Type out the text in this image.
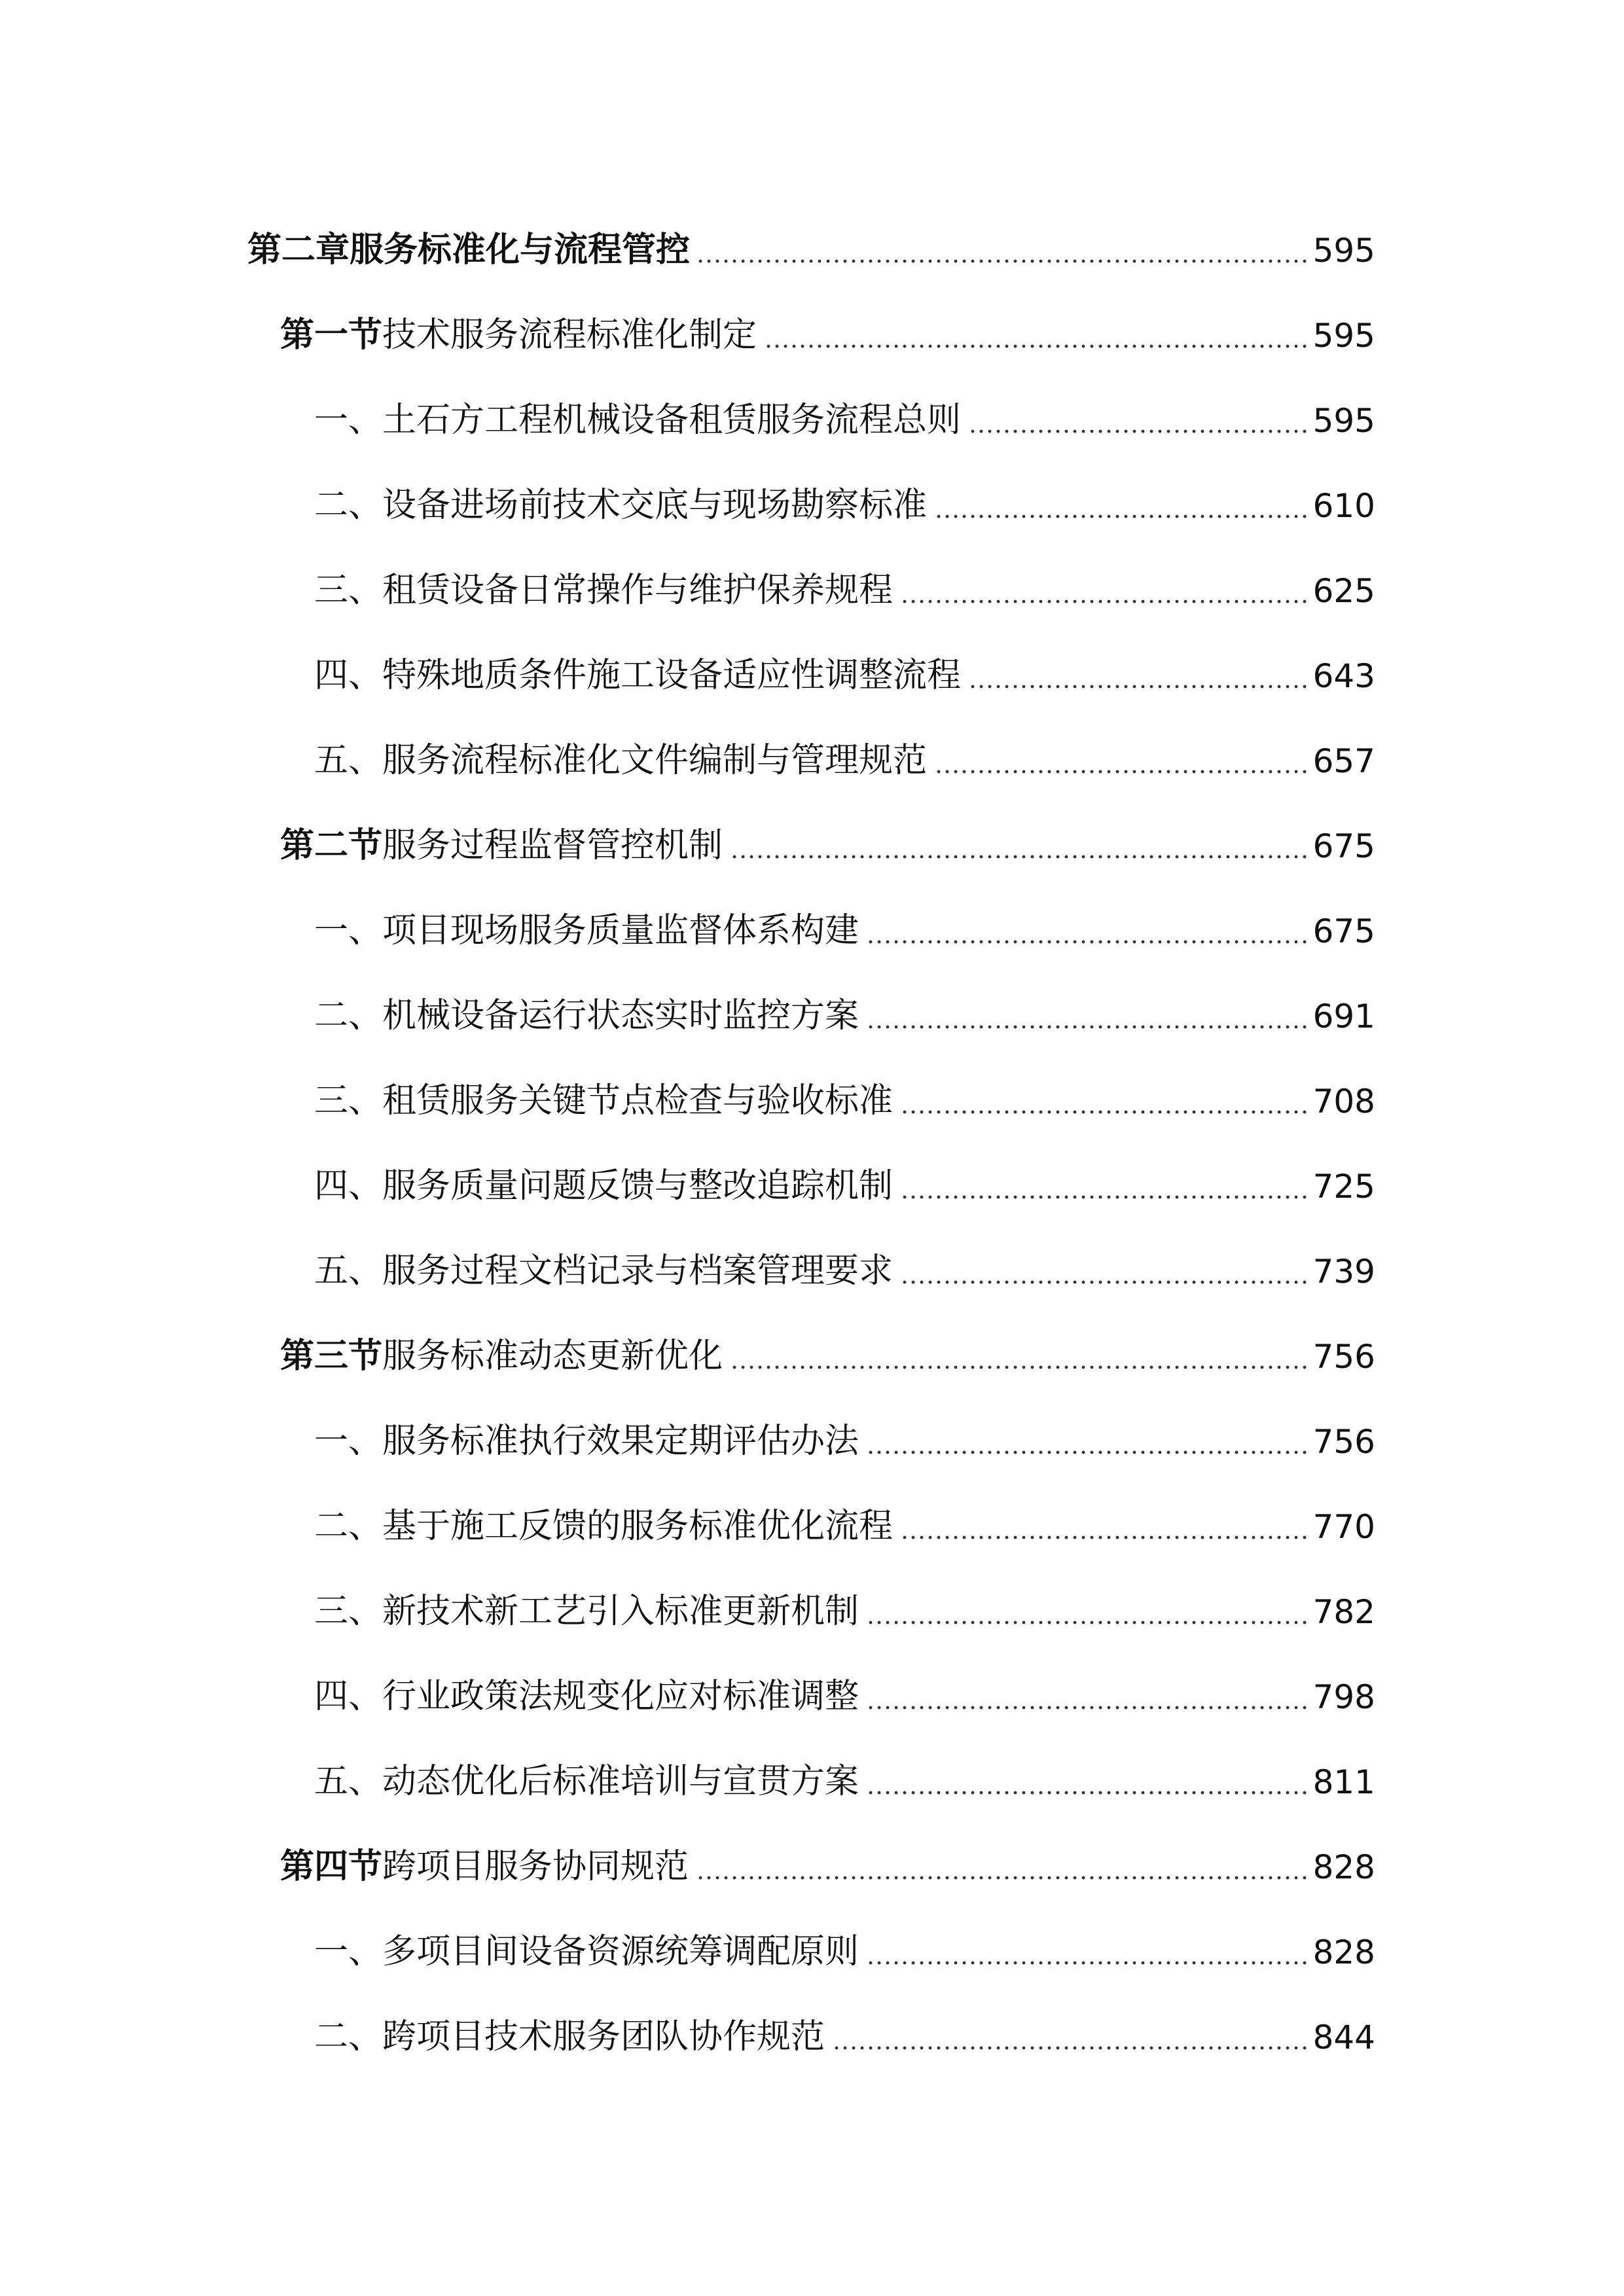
第二章服务标准化与流程管控	595
第一节技术服务流程标准化制定	595
一、土石方工程机械设备租赁服务流程总则	595
二、设备进场前技术交底与现场勘察标准	610
三、租赁设备日常操作与维护保养规程	625
四、特殊地质条件施工设备适应性调整流程	643
五、服务流程标准化文件编制与管理规范	657
第二节服务过程监督管控机制	675
一、项目现场服务质量监督体系构建	675
二、机械设备运行状态实时监控方案	691
三、租赁服务关键节点检查与验收标准	708
四、服务质量问题反馈与整改追踪机制	725
五、服务过程文档记录与档案管理要求	739
第三节服务标准动态更新优化	756
一、服务标准执行效果定期评估办法	756
二、基于施工反馈的服务标准优化流程	770
三、新技术新工艺引入标准更新机制	782
四、行业政策法规变化应对标准调整	798
五、动态优化后标准培训与宣贯方案	811
第四节跨项目服务协同规范	828
一、多项目间设备资源统筹调配原则	828
二、跨项目技术服务团队协作规范	844
